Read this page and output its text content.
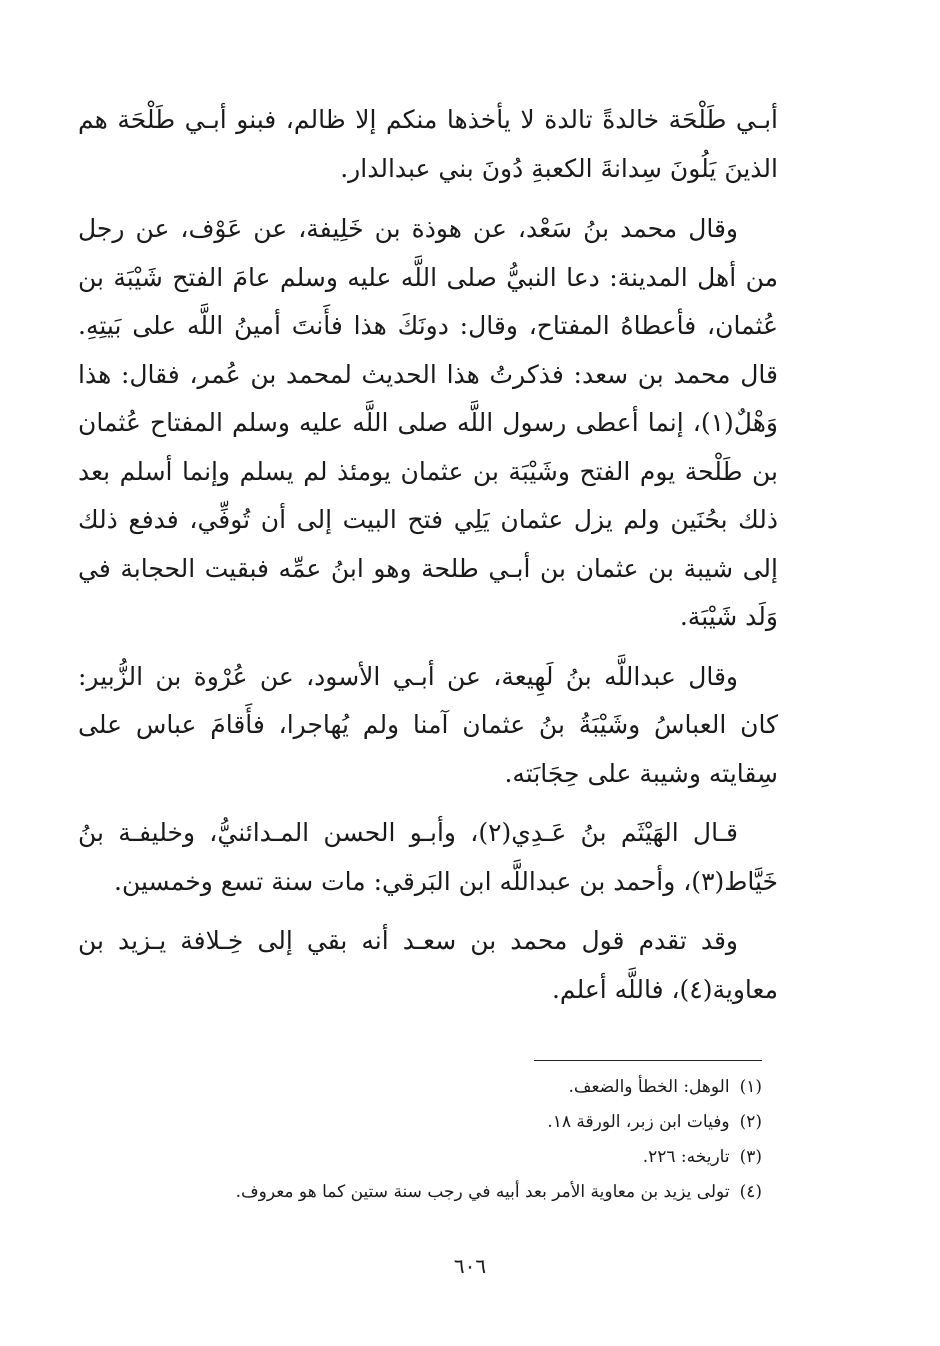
أبـي طَلْحَة خالدةً تالدة لا يأخذها منكم إلا ظالم، فبنو أبـي طَلْحَة هم الذينَ يَلُونَ سِدانةَ الكعبةِ دُونَ بني عبدالدار.

وقال محمد بنُ سَعْد، عن هوذة بن خَلِيفة، عن عَوْف، عن رجل من أهل المدينة: دعا النبيُّ صلى اللَّه عليه وسلم عامَ الفتح شَيْبَة بن عُثمان، فأعطاهُ المفتاح، وقال: دونَكَ هذا فأَنتَ أمينُ اللَّه على بَيتِهِ. قال محمد بن سعد: فذكرتُ هذا الحديث لمحمد بن عُمر، فقال: هذا وَهْلٌ(١)، إنما أعطى رسول اللَّه صلى اللَّه عليه وسلم المفتاح عُثمان بن طَلْحة يوم الفتح وشَيْبَة بن عثمان يومئذ لم يسلم وإنما أسلم بعد ذلك بحُنَين ولم يزل عثمان يَلِي فتح البيت إلى أن تُوفِّي، فدفع ذلك إلى شيبة بن عثمان بن أبـي طلحة وهو ابنُ عمِّه فبقيت الحجابة في وَلَد شَيْبَة.

وقال عبداللَّه بنُ لَهِيعة، عن أبـي الأسود، عن عُرْوة بن الزُّبير: كان العباسُ وشَيْبَةُ بنُ عثمان آمنا ولم يُهاجرا، فأَقامَ عباس على سِقايته وشيبة على حِجَابَته.

قـال الهَيْثَم بنُ عَـدِي(٢)، وأبـو الحسن المـدائنيُّ، وخليفـة بنُ خَيَّاط(٣)، وأحمد بن عبداللَّه ابن البَرقي: مات سنة تسع وخمسين.

وقد تقدم قول محمد بن سعـد أنه بقي إلى خِـلافة يـزيد بن معاوية(٤)، فاللَّه أعلم.

(١)الوهل: الخطأ والضعف.
(٢)وفيات ابن زبر، الورقة ١٨.
(٣)تاريخه: ٢٢٦.
(٤)تولى يزيد بن معاوية الأمر بعد أبيه في رجب سنة ستين كما هو معروف.
٦٠٦
